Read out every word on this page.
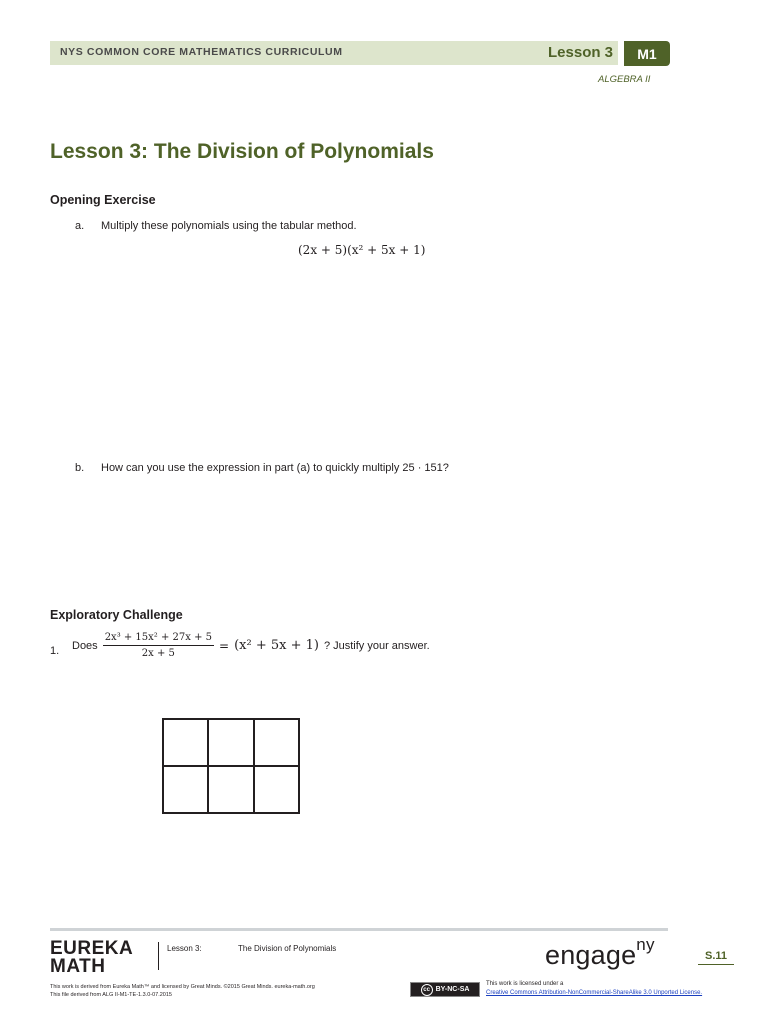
NYS COMMON CORE MATHEMATICS CURRICULUM	Lesson 3	M1
ALGEBRA II
Lesson 3: The Division of Polynomials
Opening Exercise
a. Multiply these polynomials using the tabular method.
(2x + 5)(x² + 5x + 1)
b. How can you use the expression in part (a) to quickly multiply 25 · 151?
Exploratory Challenge
1. Does $\frac{\text{2x³ + 15x² + 27x + 5}}{2x + 5} = (x^2 + 5x + 1)$ ? Justify your answer.
EUREKA
MATH
Lesson 3:	The Division of Polynomials	engage$^{ny}$
S.11
This work is derived from Eureka Math™ and licensed by Great Minds. ©2015 Great Minds. eureka-math.org
This file derived from ALG II-M1-TE-1.3.0-07.2015
cc BY-NC-SA
This work is licensed under a
Creative Commons Attribution-NonCommercial-ShareAlike 3.0 Unported License.
